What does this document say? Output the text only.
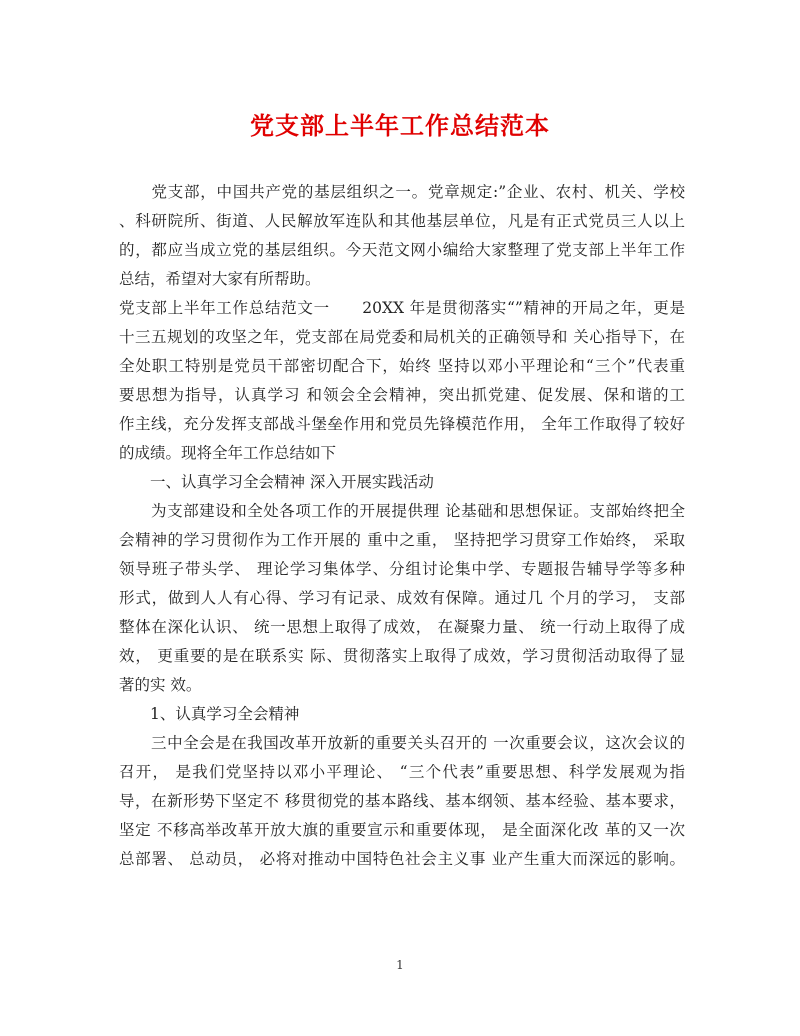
党支部上半年工作总结范本
　　党支部，中国共产党的基层组织之一。党章规定:”企业、农村、机关、学校
、科研院所、街道、人民解放军连队和其他基层单位，凡是有正式党员三人以上
的，都应当成立党的基层组织。今天范文网小编给大家整理了党支部上半年工作
总结，希望对大家有所帮助。
党支部上半年工作总结范文一　　20XX 年是贯彻落实“”精神的开局之年，更是
十三五规划的攻坚之年，党支部在局党委和局机关的正确领导和 关心指导下，在
全处职工特别是党员干部密切配合下，始终 坚持以邓小平理论和“三个”代表重
要思想为指导，认真学习 和领会全会精神，突出抓党建、促发展、保和谐的工
作主线，充分发挥支部战斗堡垒作用和党员先锋模范作用， 全年工作取得了较好
的成绩。现将全年工作总结如下
　　一、认真学习全会精神 深入开展实践活动
　　为支部建设和全处各项工作的开展提供理 论基础和思想保证。支部始终把全
会精神的学习贯彻作为工作开展的 重中之重， 坚持把学习贯穿工作始终， 采取
领导班子带头学、 理论学习集体学、分组讨论集中学、专题报告辅导学等多种
形式，做到人人有心得、学习有记录、成效有保障。通过几 个月的学习， 支部
整体在深化认识、 统一思想上取得了成效， 在凝聚力量、 统一行动上取得了成
效， 更重要的是在联系实 际、贯彻落实上取得了成效，学习贯彻活动取得了显
著的实 效。
　　1、认真学习全会精神
　　三中全会是在我国改革开放新的重要关头召开的 一次重要会议，这次会议的
召开， 是我们党坚持以邓小平理论、 “三个代表”重要思想、科学发展观为指
导，在新形势下坚定不 移贯彻党的基本路线、基本纲领、基本经验、基本要求，
坚定 不移高举改革开放大旗的重要宣示和重要体现， 是全面深化改 革的又一次
总部署、 总动员， 必将对推动中国特色社会主义事 业产生重大而深远的影响。
1
